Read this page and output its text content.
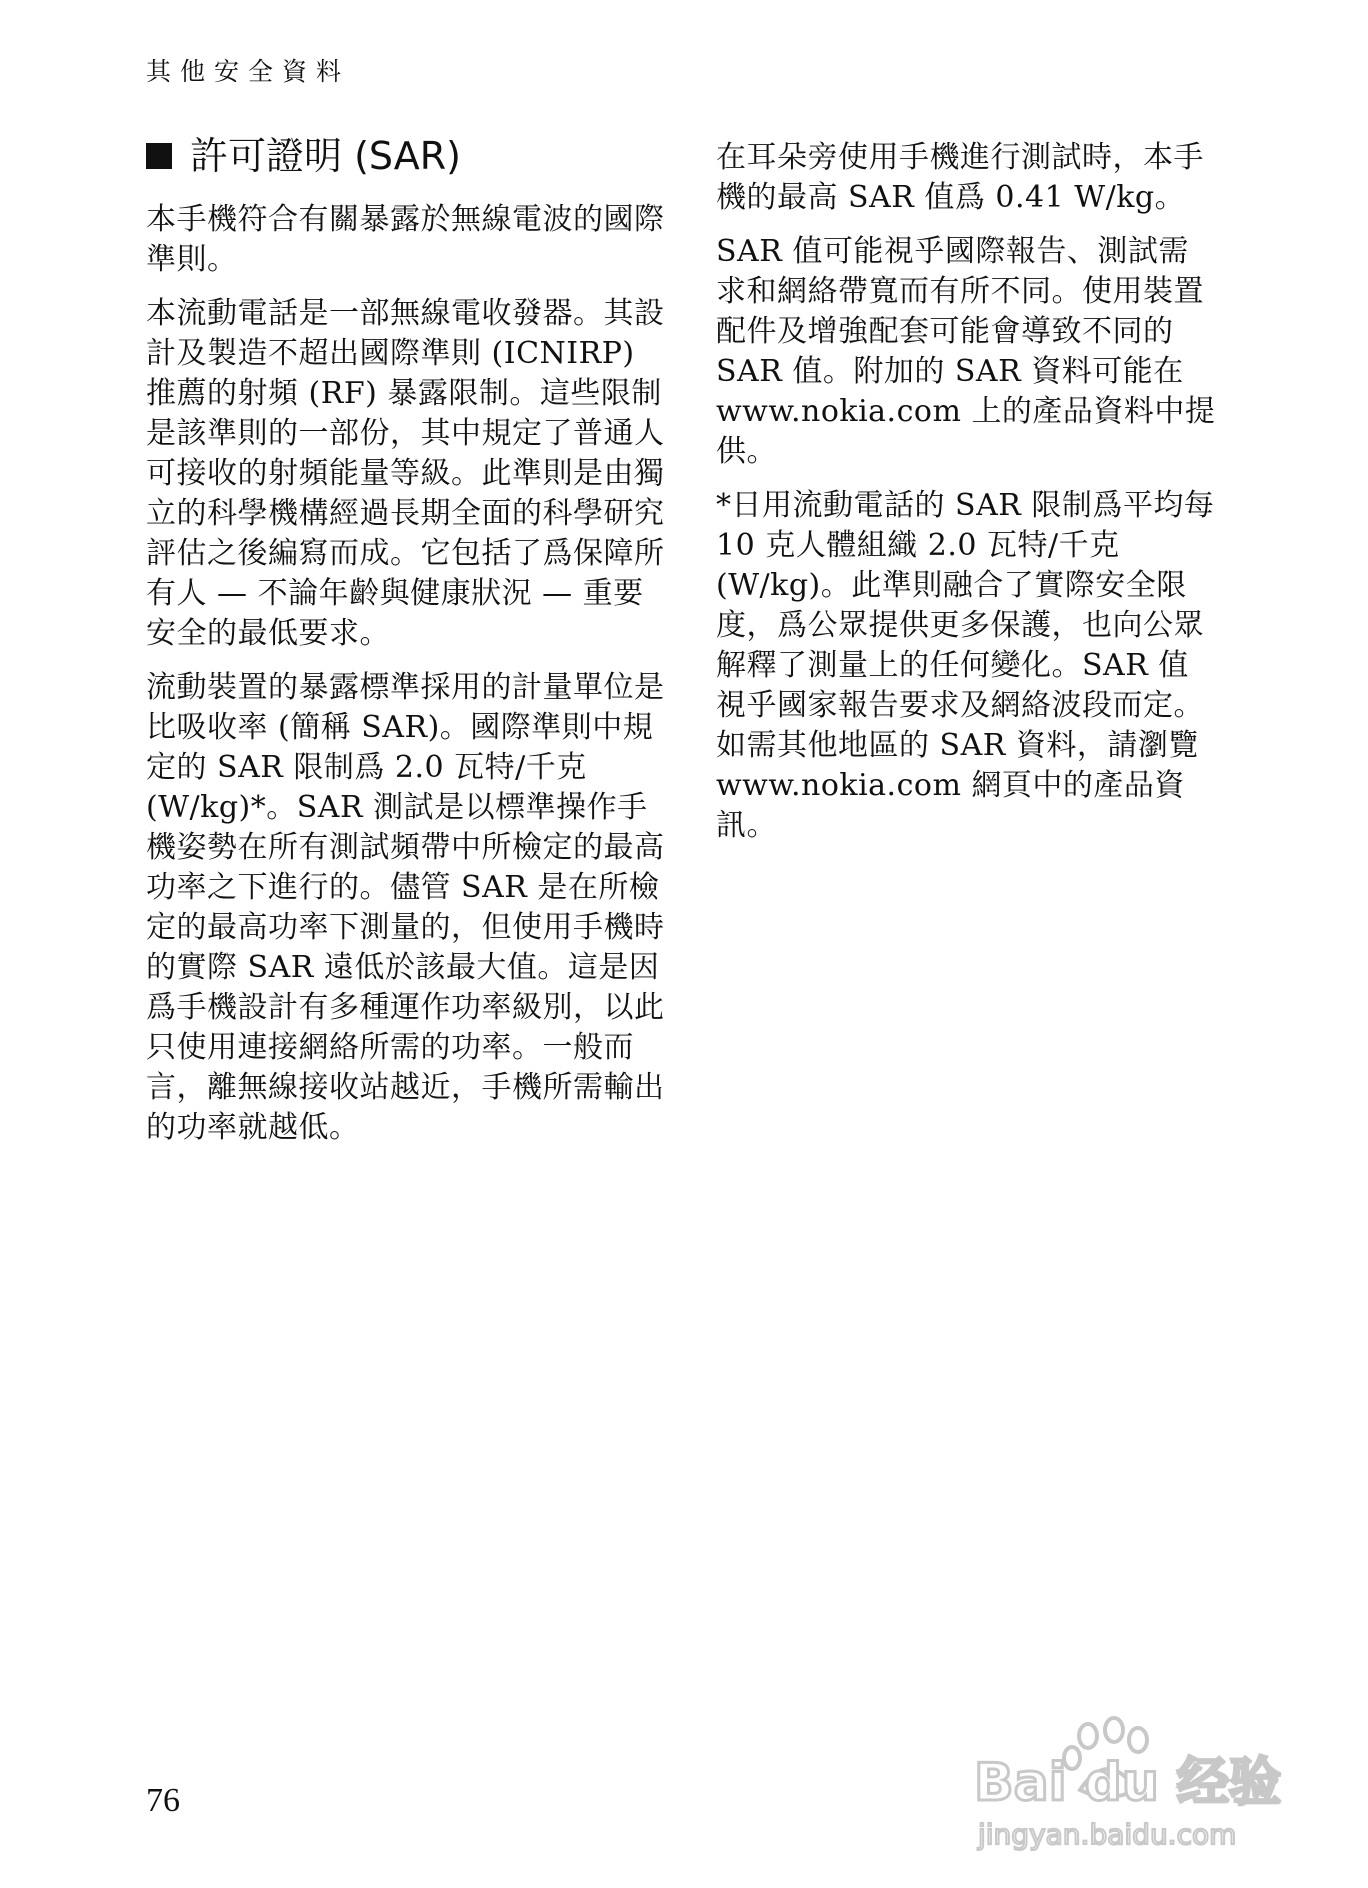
其他安全資料
許可證明 (SAR)

本手機符合有關暴露於無線電波的國際準則。

本流動電話是一部無線電收發器。其設計及製造不超出國際準則 (ICNIRP) 推薦的射頻 (RF) 暴露限制。這些限制是該準則的一部份，其中規定了普通人可接收的射頻能量等級。此準則是由獨立的科學機構經過長期全面的科學研究評估之後編寫而成。它包括了爲保障所有人 — 不論年齡與健康狀況 — 重要安全的最低要求。

流動裝置的暴露標準採用的計量單位是比吸收率 (簡稱 SAR)。國際準則中規定的 SAR 限制爲 2.0 瓦特/千克 (W/kg)*。SAR 測試是以標準操作手機姿勢在所有測試頻帶中所檢定的最高功率之下進行的。儘管 SAR 是在所檢定的最高功率下測量的，但使用手機時的實際 SAR 遠低於該最大值。這是因爲手機設計有多種運作功率級別，以此只使用連接網絡所需的功率。一般而言，離無線接收站越近，手機所需輸出的功率就越低。

在耳朵旁使用手機進行測試時，本手機的最高 SAR 值爲 0.41 W/kg。

SAR 值可能視乎國際報告、測試需求和網絡帶寬而有所不同。使用裝置配件及增強配套可能會導致不同的 SAR 值。附加的 SAR 資料可能在 www.nokia.com 上的產品資料中提供。

*日用流動電話的 SAR 限制爲平均每 10 克人體組織 2.0 瓦特/千克 (W/kg)。此準則融合了實際安全限度，爲公眾提供更多保護，也向公眾解釋了測量上的任何變化。SAR 值視乎國家報告要求及網絡波段而定。如需其他地區的 SAR 資料，請瀏覽 www.nokia.com 網頁中的產品資訊。

76	Bai du 经验
jingyan.baidu.com
